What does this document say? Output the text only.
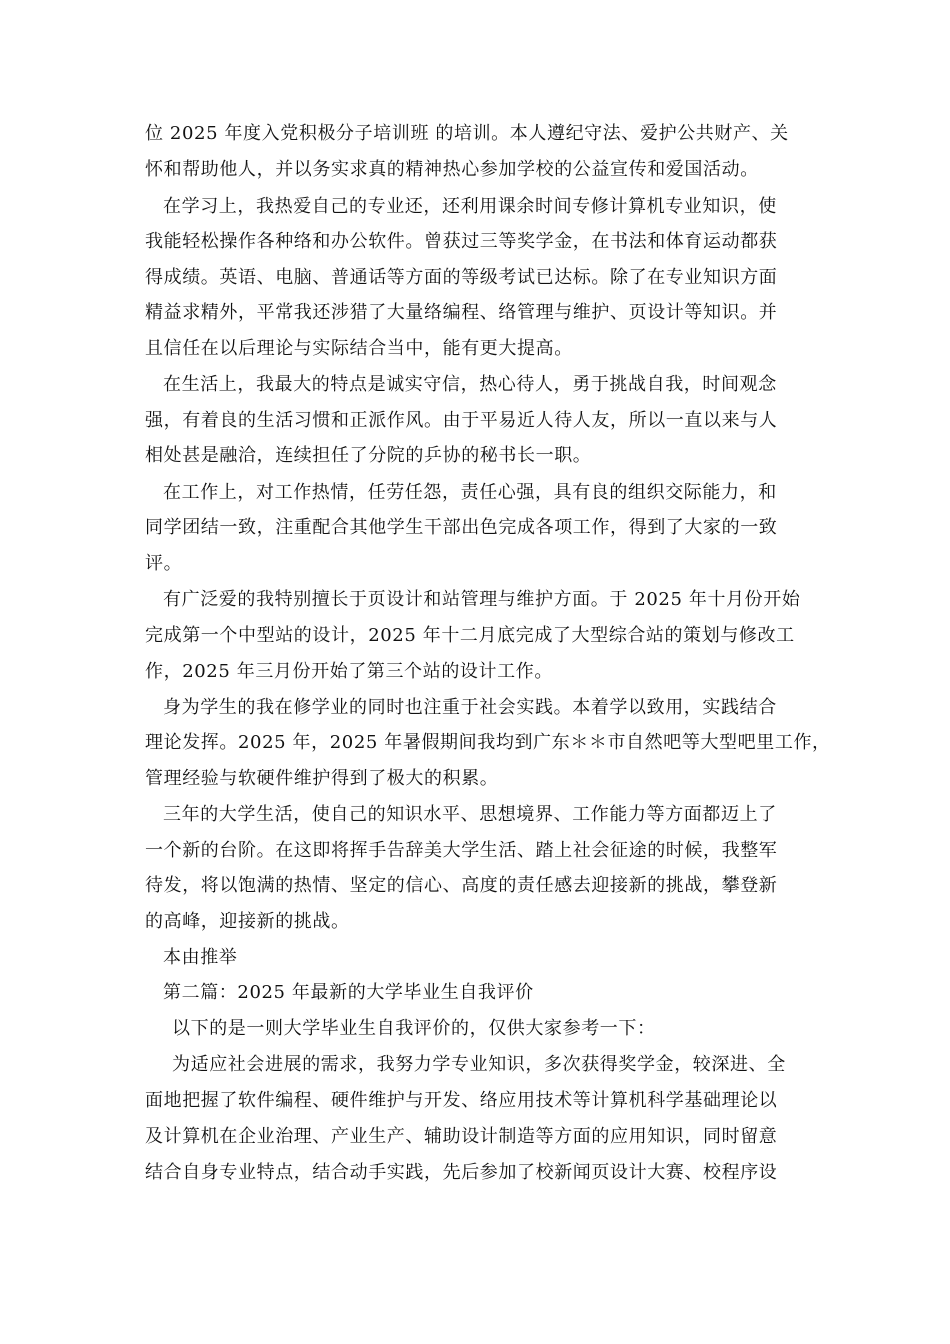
位 2025 年度入党积极分子培训班 的培训。本人遵纪守法、爱护公共财产、关
怀和帮助他人，并以务实求真的精神热心参加学校的公益宣传和爱国活动。
在学习上，我热爱自己的专业还，还利用课余时间专修计算机专业知识，使
我能轻松操作各种络和办公软件。曾获过三等奖学金，在书法和体育运动都获
得成绩。英语、电脑、普通话等方面的等级考试已达标。除了在专业知识方面
精益求精外，平常我还涉猎了大量络编程、络管理与维护、页设计等知识。并
且信任在以后理论与实际结合当中，能有更大提高。
在生活上，我最大的特点是诚实守信，热心待人，勇于挑战自我，时间观念
强，有着良的生活习惯和正派作风。由于平易近人待人友，所以一直以来与人
相处甚是融洽，连续担任了分院的乒协的秘书长一职。
在工作上，对工作热情，任劳任怨，责任心强，具有良的组织交际能力，和
同学团结一致，注重配合其他学生干部出色完成各项工作，得到了大家的一致
评。
有广泛爱的我特别擅长于页设计和站管理与维护方面。于 2025 年十月份开始
完成第一个中型站的设计，2025 年十二月底完成了大型综合站的策划与修改工
作，2025 年三月份开始了第三个站的设计工作。
身为学生的我在修学业的同时也注重于社会实践。本着学以致用，实践结合
理论发挥。2025 年，2025 年暑假期间我均到广东＊＊市自然吧等大型吧里工作，
管理经验与软硬件维护得到了极大的积累。
三年的大学生活，使自己的知识水平、思想境界、工作能力等方面都迈上了
一个新的台阶。在这即将挥手告辞美大学生活、踏上社会征途的时候，我整军
待发，将以饱满的热情、坚定的信心、高度的责任感去迎接新的挑战，攀登新
的高峰，迎接新的挑战。
本由推举
第二篇：2025 年最新的大学毕业生自我评价
以下的是一则大学毕业生自我评价的，仅供大家参考一下：
为适应社会进展的需求，我努力学专业知识，多次获得奖学金，较深进、全
面地把握了软件编程、硬件维护与开发、络应用技术等计算机科学基础理论以
及计算机在企业治理、产业生产、辅助设计制造等方面的应用知识，同时留意
结合自身专业特点，结合动手实践，先后参加了校新闻页设计大赛、校程序设
